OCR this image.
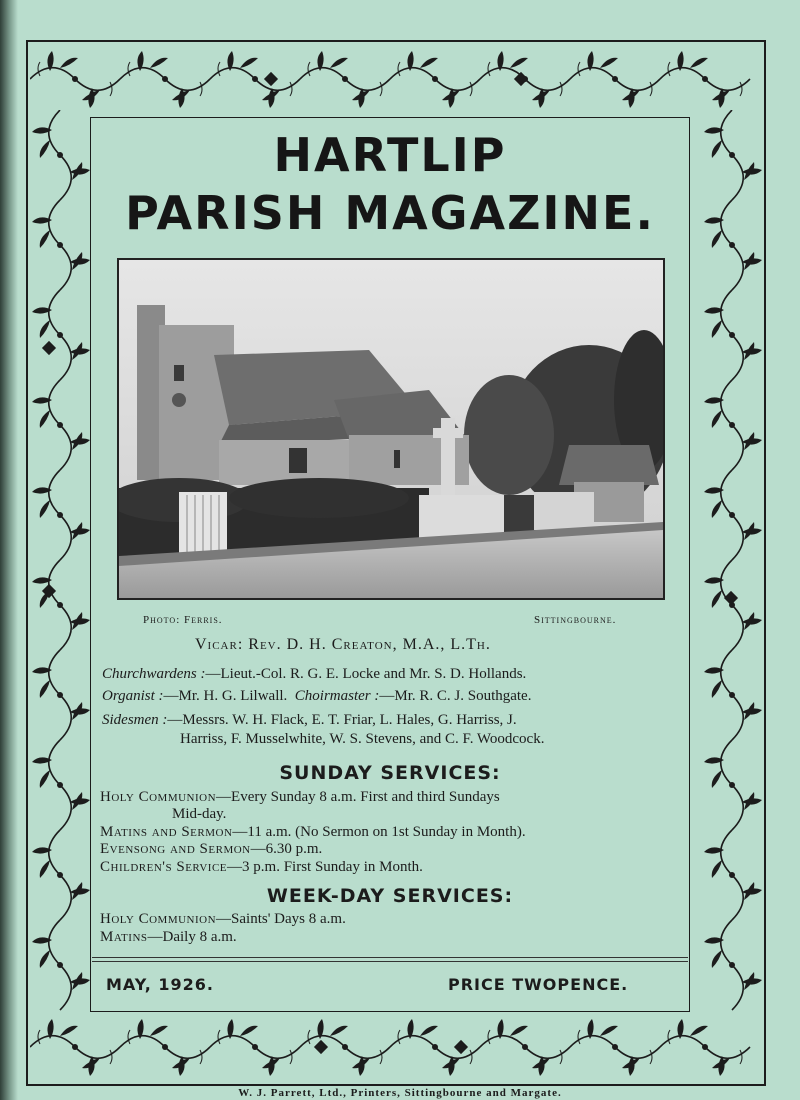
HARTLIP
PARISH MAGAZINE.
Photo: Ferris.	Sittingbourne.
Vicar: Rev. D. H. Creaton, M.A., L.Th.
Churchwardens :—Lieut.-Col. R. G. E. Locke and Mr. S. D. Hollands.
Organist :—Mr. H. G. Lilwall. Choirmaster :—Mr. R. C. J. Southgate.
Sidesmen :—Messrs. W. H. Flack, E. T. Friar, L. Hales, G. Harriss, J.
Harriss, F. Musselwhite, W. S. Stevens, and C. F. Woodcock.
SUNDAY SERVICES:
Holy Communion—Every Sunday 8 a.m. First and third Sundays
Mid-day.
Matins and Sermon—11 a.m. (No Sermon on 1st Sunday in Month).
Evensong and Sermon—6.30 p.m.
Children's Service—3 p.m. First Sunday in Month.
WEEK-DAY SERVICES:
Holy Communion—Saints' Days 8 a.m.
Matins—Daily 8 a.m.
MAY, 1926.	PRICE TWOPENCE.
W. J. Parrett, Ltd., Printers, Sittingbourne and Margate.
